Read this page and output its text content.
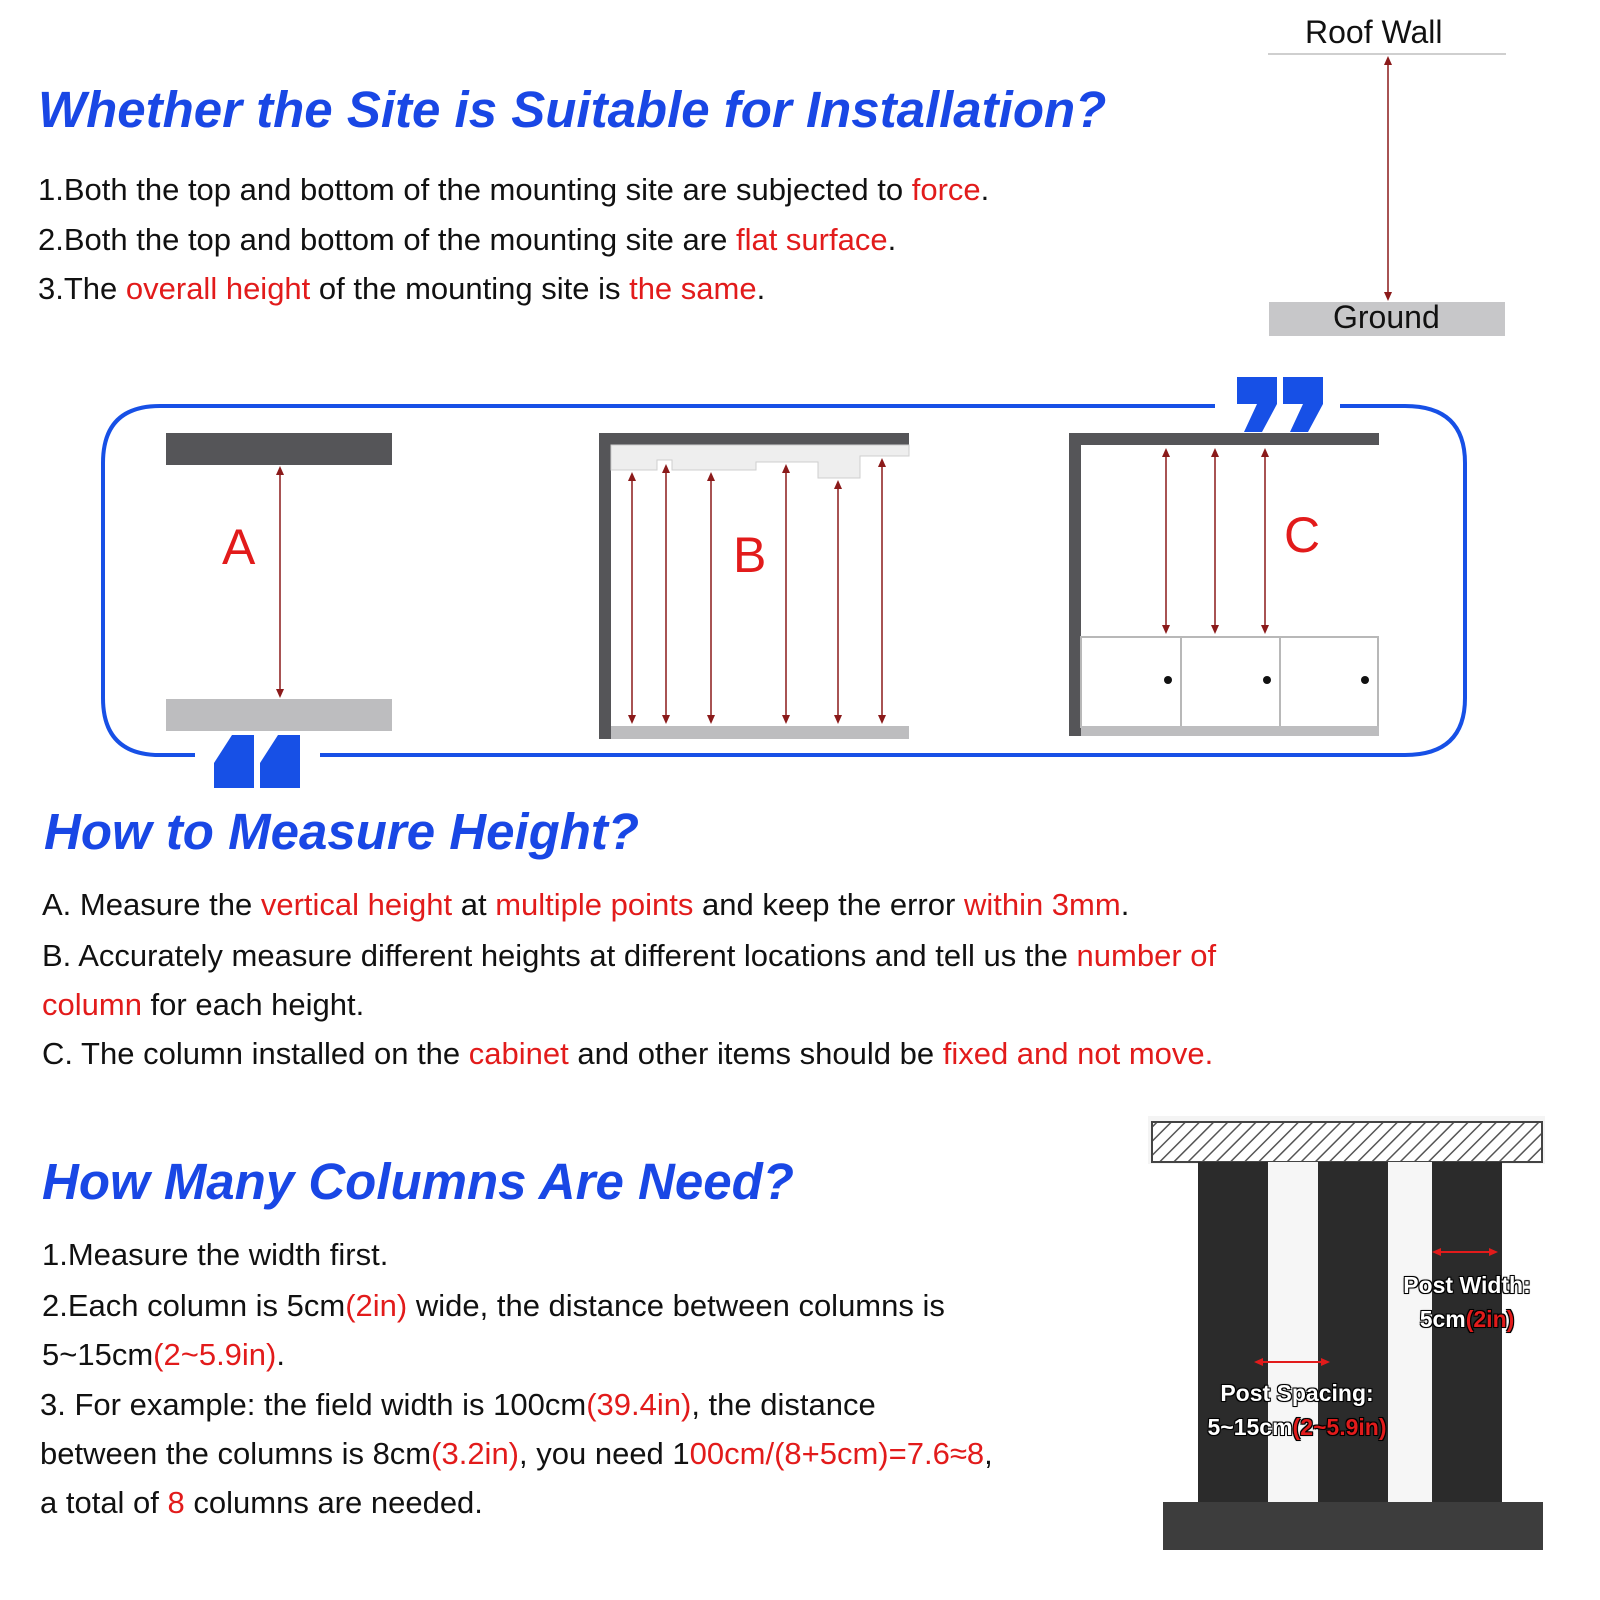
Whether the Site is Suitable for Installation?
1.Both the top and bottom of the mounting site are subjected to force.
2.Both the top and bottom of the mounting site are flat surface.
3.The overall height of the mounting site is the same.
Roof Wall
Ground
A	B	C
How to Measure Height?
A. Measure the vertical height at multiple points and keep the error within 3mm.
B. Accurately measure different heights at different locations and tell us the number of
column for each height.
C. The column installed on the cabinet and other items should be fixed and not move.
How Many Columns Are Need?
1.Measure the width first.
2.Each column is 5cm(2in) wide, the distance between columns is
5~15cm(2~5.9in).
3. For example: the field width is 100cm(39.4in), the distance
between the columns is 8cm(3.2in), you need 100cm/(8+5cm)=7.6≈8,
a total of 8 columns are needed.
Post Width:
5cm(2in)
Post Spacing:
5~15cm(2~5.9in)
